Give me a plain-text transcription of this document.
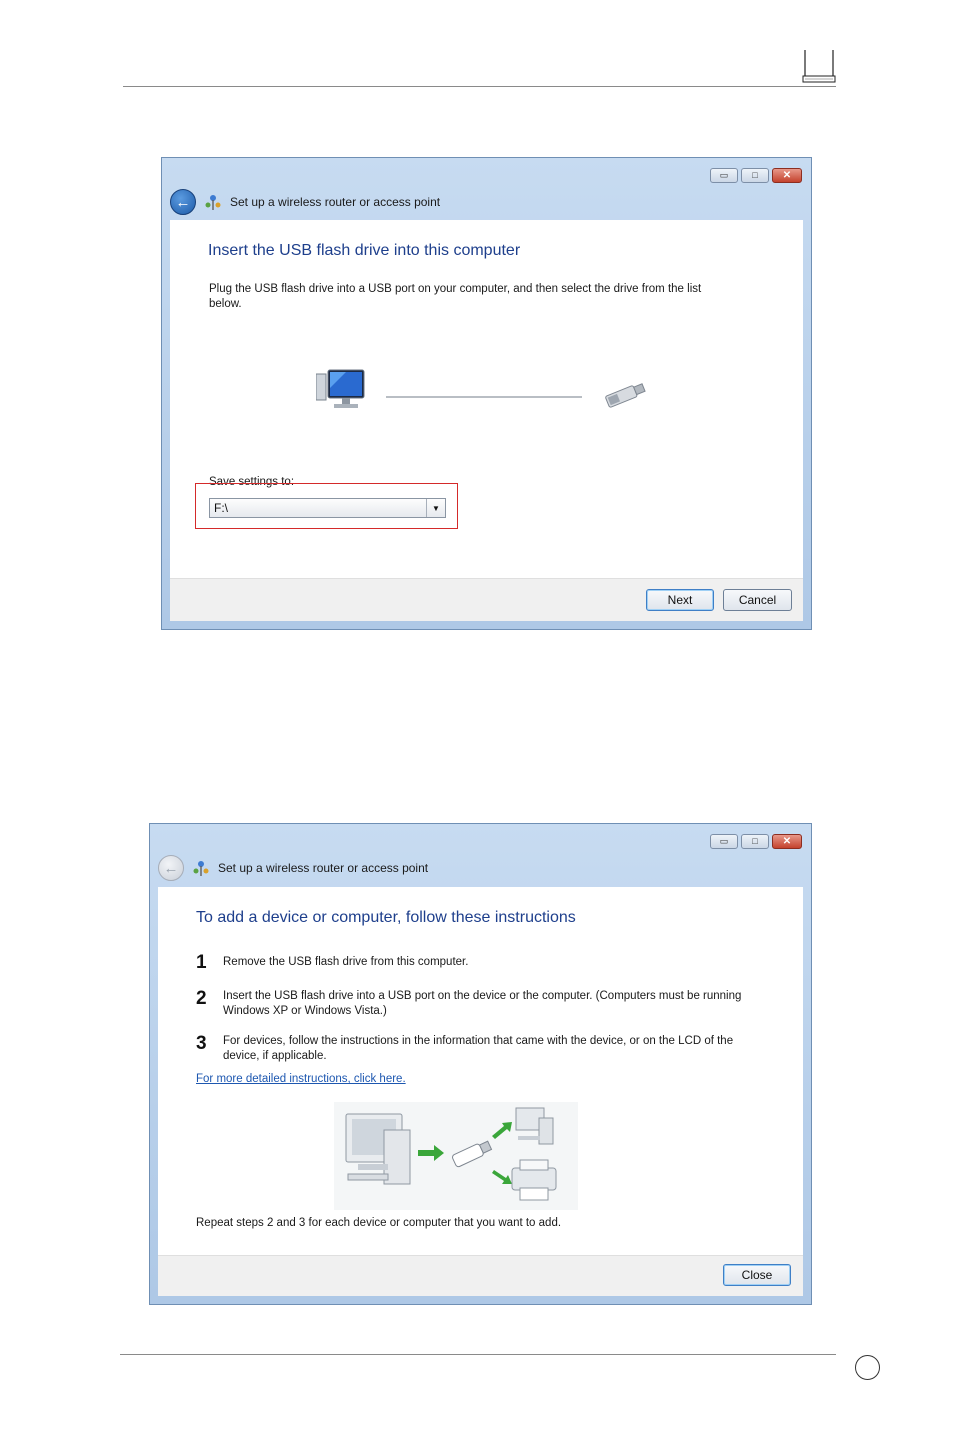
▭	□	✕
←	Set up a wireless router or access point
Insert the USB flash drive into this computer
Plug the USB flash drive into a USB port on your computer, and then select the drive from the list below.
Save settings to:
F:\	▼
Next	Cancel
▭	□	✕
←	Set up a wireless router or access point
To add a device or computer, follow these instructions
1 Remove the USB flash drive from this computer.
2 Insert the USB flash drive into a USB port on the device or the computer. (Computers must be running Windows XP or Windows Vista.)
3 For devices, follow the instructions in the information that came with the device, or on the LCD of the device, if applicable.
For more detailed instructions, click here.
Repeat steps 2 and 3 for each device or computer that you want to add.
Close
